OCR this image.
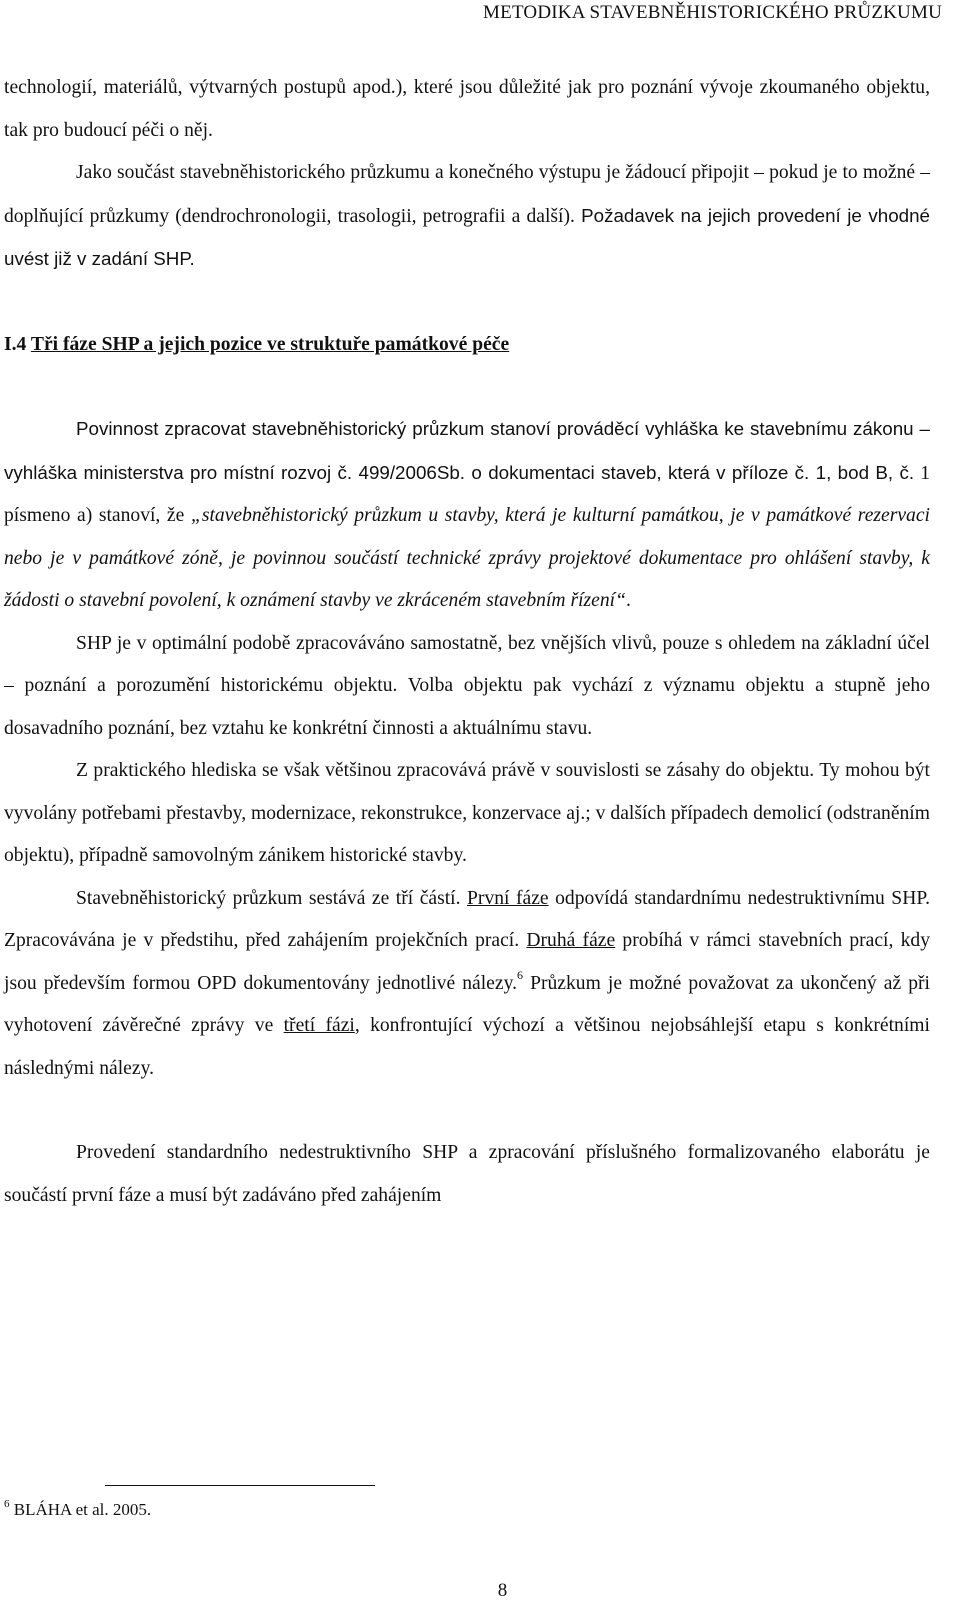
METODIKA STAVEBNĚHISTORICKÉHO PRŮZKUMU

technologií, materiálů, výtvarných postupů apod.), které jsou důležité jak pro poznání vývoje zkoumaného objektu, tak pro budoucí péči o něj.

Jako součást stavebněhistorického průzkumu a konečného výstupu je žádoucí připojit – pokud je to možné – doplňující průzkumy (dendrochronologii, trasologii, petrografii a další). Požadavek na jejich provedení je vhodné uvést již v zadání SHP.

I.4 Tři fáze SHP a jejich pozice ve struktuře památkové péče

Povinnost zpracovat stavebněhistorický průzkum stanoví prováděcí vyhláška ke stavebnímu zákonu – vyhláška ministerstva pro místní rozvoj č. 499/2006Sb. o dokumentaci staveb, která v příloze č. 1, bod B, č. 1 písmeno a) stanoví, že „stavebněhistorický průzkum u stavby, která je kulturní památkou, je v památkové rezervaci nebo je v památkové zóně, je povinnou součástí technické zprávy projektové dokumentace pro ohlášení stavby, k žádosti o stavební povolení, k oznámení stavby ve zkráceném stavebním řízení“.

SHP je v optimální podobě zpracováváno samostatně, bez vnějších vlivů, pouze s ohledem na základní účel – poznání a porozumění historickému objektu. Volba objektu pak vychází z významu objektu a stupně jeho dosavadního poznání, bez vztahu ke konkrétní činnosti a aktuálnímu stavu.

Z praktického hlediska se však většinou zpracovává právě v souvislosti se zásahy do objektu. Ty mohou být vyvolány potřebami přestavby, modernizace, rekonstrukce, konzervace aj.; v dalších případech demolicí (odstraněním objektu), případně samovolným zánikem historické stavby.

Stavebněhistorický průzkum sestává ze tří částí. První fáze odpovídá standardnímu nedestruktivnímu SHP. Zpracovávána je v předstihu, před zahájením projekčních prací. Druhá fáze probíhá v rámci stavebních prací, kdy jsou především formou OPD dokumentovány jednotlivé nálezy.$^6$ Průzkum je možné považovat za ukončený až při vyhotovení závěrečné zprávy ve třetí fázi, konfrontující výchozí a většinou nejobsáhlejší etapu s konkrétními následnými nálezy.

Provedení standardního nedestruktivního SHP a zpracování příslušného formalizovaného elaborátu je součástí první fáze a musí být zadáváno před zahájením

$^6$ BLÁHA et al. 2005.
8
